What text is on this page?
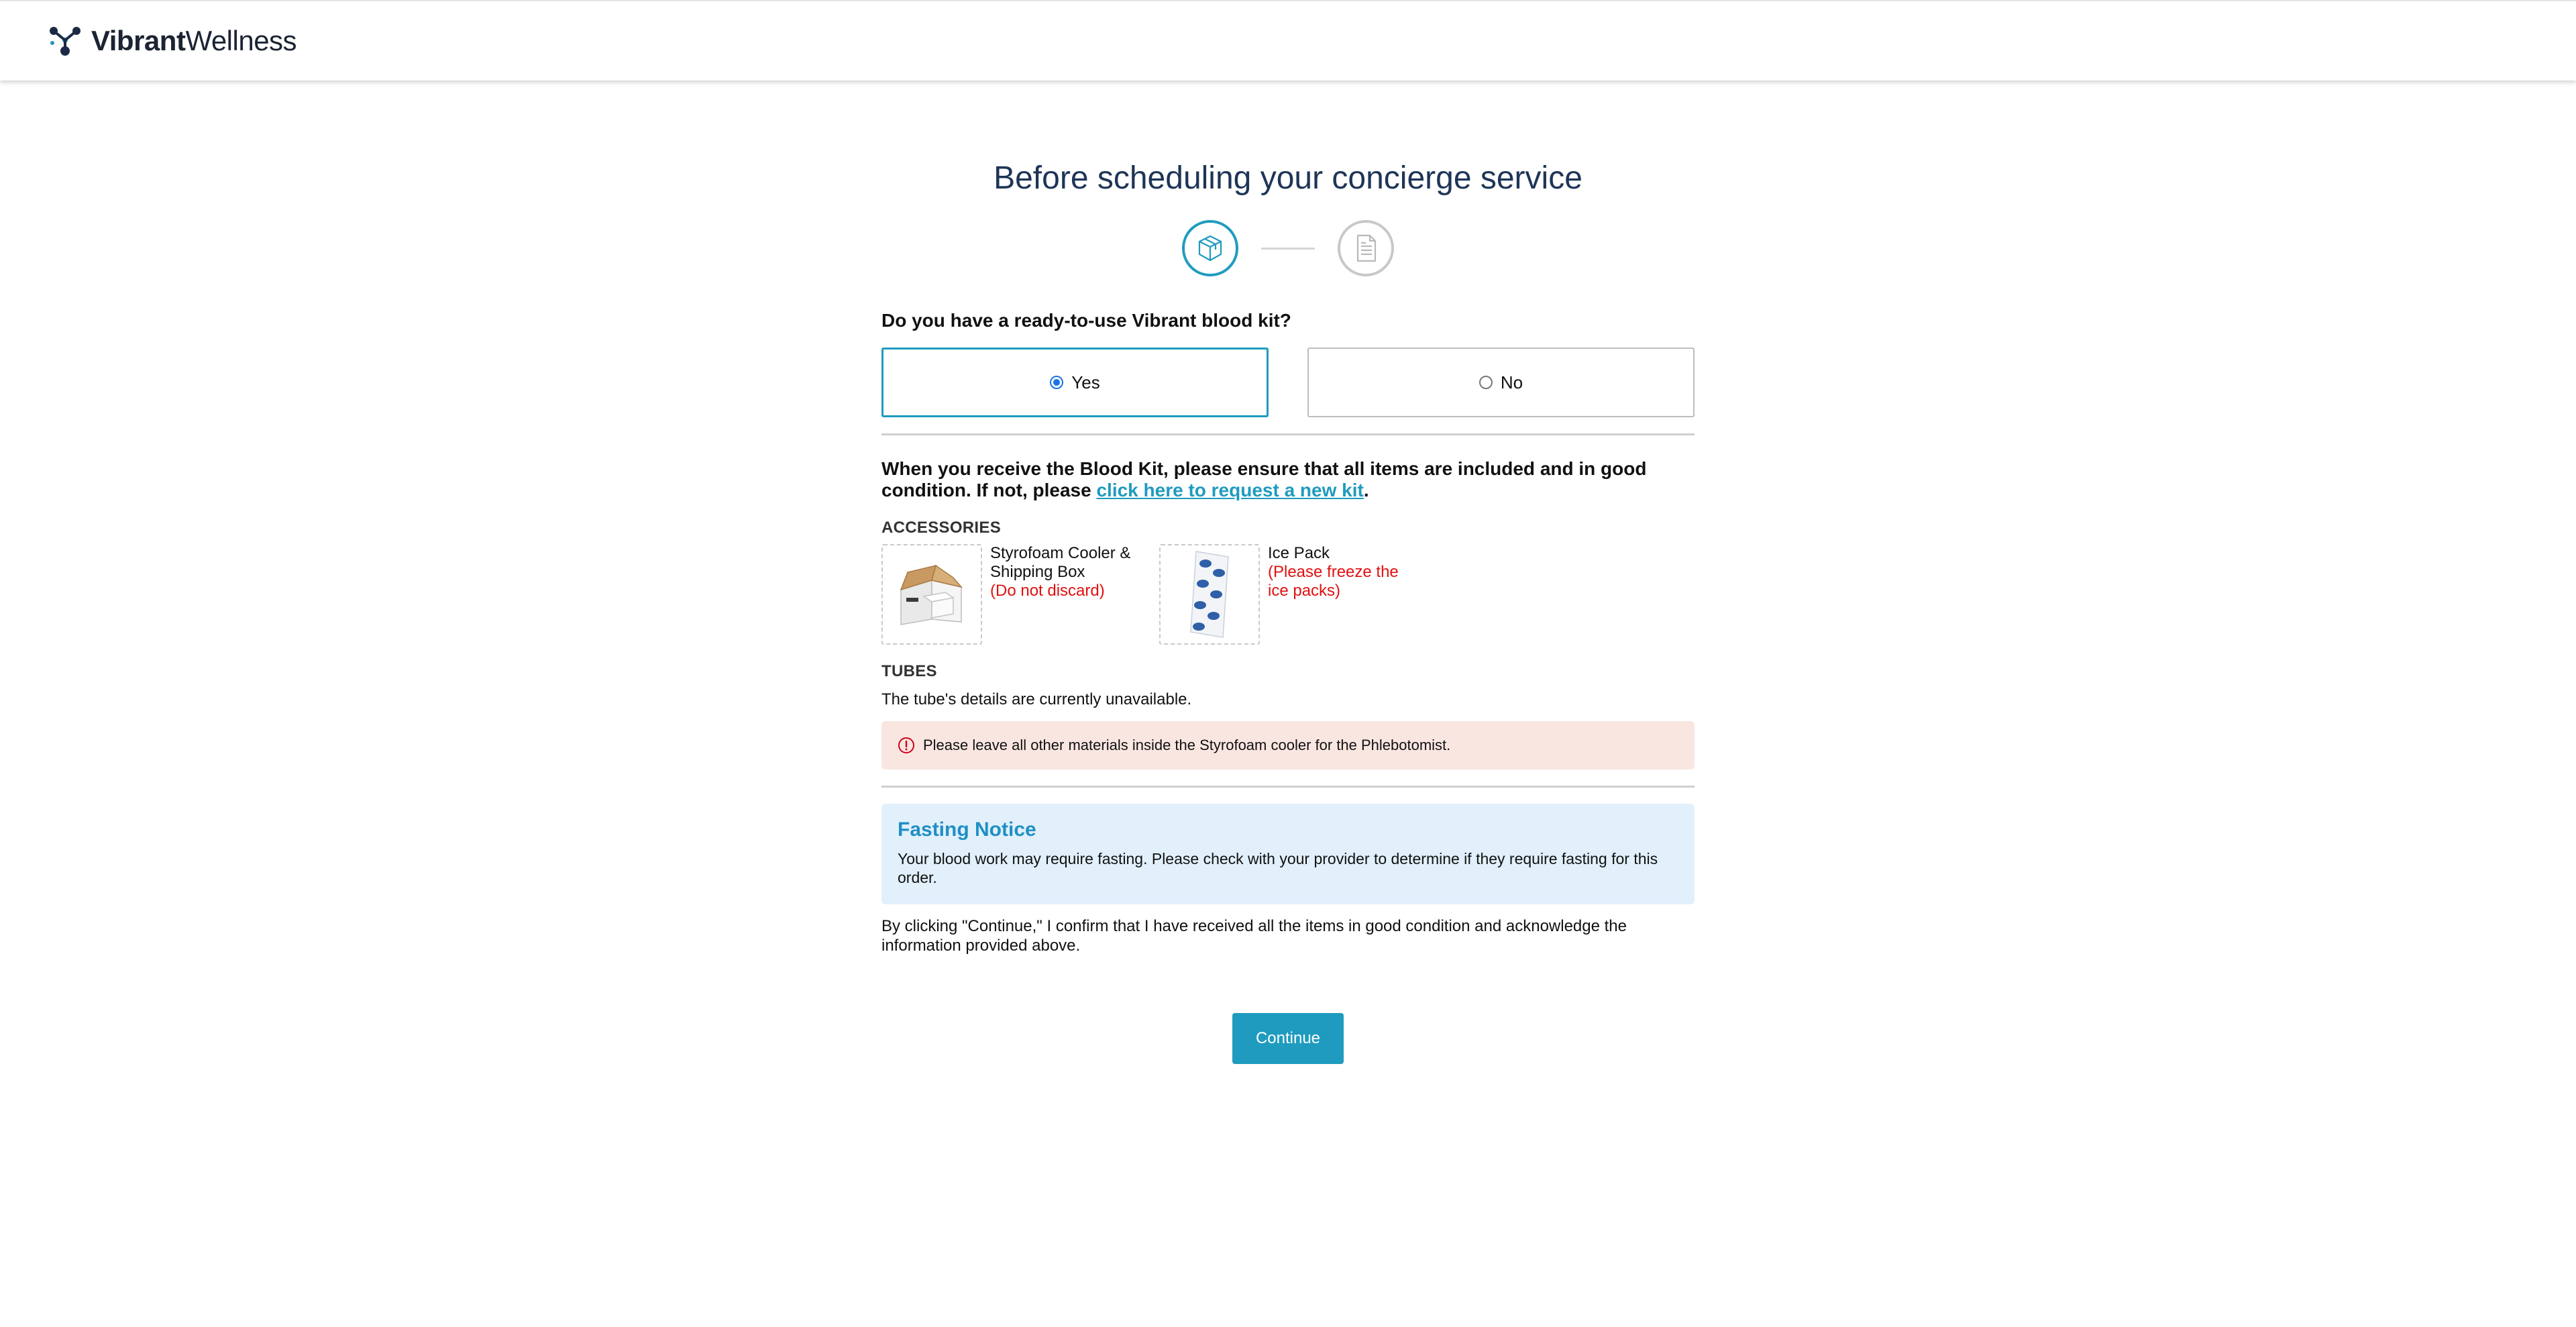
VibrantWellness
Before scheduling your concierge service
Do you have a ready-to-use Vibrant blood kit?
Yes	No
When you receive the Blood Kit, please ensure that all items are included and in good condition. If not, please click here to request a new kit.
ACCESSORIES
Styrofoam Cooler & Shipping Box
(Do not discard)
Ice Pack
(Please freeze the ice packs)
TUBES
The tube's details are currently unavailable.
Please leave all other materials inside the Styrofoam cooler for the Phlebotomist.
Fasting Notice
Your blood work may require fasting. Please check with your provider to determine if they require fasting for this order.
By clicking "Continue," I confirm that I have received all the items in good condition and acknowledge the information provided above.
Continue
